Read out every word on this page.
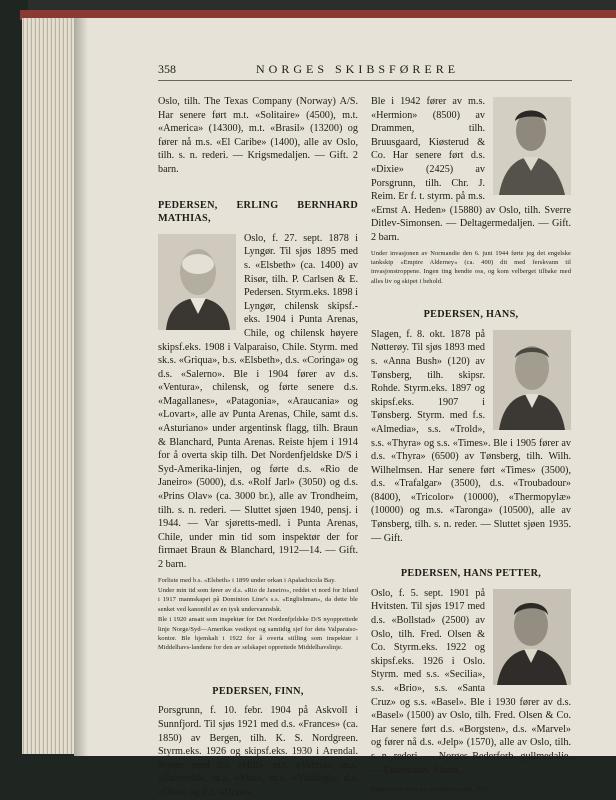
358	NORGES SKIBSFØRERE

Oslo, tilh. The Texas Company (Norway) A/S. Har senere ført m.t. «Solitaire» (4500), m.t. «America» (14300), m.t. «Brasil» (13200) og fører nå m.s. «El Caribe» (1400), alle av Oslo, tilh. s. n. rederi. — Krigsmedaljen. — Gift. 2 barn.

PEDERSEN, ERLING BERNHARD MATHIAS,

Oslo, f. 27. sept. 1878 i Lyngør. Til sjøs 1895 med s. «Elsbeth» (ca. 1400) av Risør, tilh. P. Carlsen & E. Pedersen. Styrm.eks. 1898 i Lyngør, chilensk skipsf.-eks. 1904 i Punta Arenas, Chile, og chilensk høyere skipsf.eks. 1908 i Valparaiso, Chile. Styrm. med sk.s. «Griqua», b.s. «Elsbeth», d.s. «Coringa» og d.s. «Salerno». Ble i 1904 fører av d.s. «Ventura», chilensk, og førte senere d.s. «Magallanes», «Patagonia», «Araucania» og «Lovart», alle av Punta Arenas, Chile, samt d.s. «Asturiano» under argentinsk flagg, tilh. Braun & Blanchard, Punta Arenas. Reiste hjem i 1914 for å overta skip tilh. Det Nordenfjeldske D/S i Syd-Amerika-linjen, og førte d.s. «Rio de Janeiro» (5000), d.s. «Rolf Jarl» (3050) og d.s. «Prins Olav» (ca. 3000 br.), alle av Trondheim, tilh. s. n. rederi. — Sluttet sjøen 1940, pensj. i 1944. — Var sjøretts-medl. i Punta Arenas, Chile, under min tid som inspektør der for firmaet Braun & Blanchard, 1912—14. — Gift. 2 barn.

Forliste med b.s. «Elsbeth» i 1899 under orkan i Apalachicola Bay.

Under min tid som fører av d.s. «Rio de Janeiro», reddet vi nord for Irland i 1917 mannskapet på Dominion Line's s.s. «Englishman», da dette ble senket ved kanonild av en tysk undervannsbåt.

Ble i 1920 ansatt som inspektør for Det Nordenfjeldske D/S nyopprettede linje Norge/Syd—Amerikas vestkyst og samtidig sjef for dets Valparaiso-kontor. Ble hjemkalt i 1922 for å overta stilling som inspektør i Middelhavs-landene for den av selskapet opprettede Middelhavslinje.

PEDERSEN, FINN,

Porsgrunn, f. 10. febr. 1904 på Askvoll i Sunnfjord. Til sjøs 1921 med d.s. «Frances» (ca. 1850) av Bergen, tilh. K. S. Nordgreen. Styrm.eks. 1926 og skipsf.eks. 1930 i Arendal. Styrm. med d.s. «Hill», m.t. «Velma», m.s. «Eidsvold», m.s. «Vito», m.s. «Vildfugl», d.s. «Disa» og d.s. «Dixie».

Ble i 1942 fører av m.s. «Hermion» (8500) av Drammen, tilh. Bruusgaard, Kiøsterud & Co. Har senere ført d.s. «Dixie» (2425) av Porsgrunn, tilh. Chr. J. Reim. Er f. t. styrm. på m.s. «Ernst A. Heden» (15880) av Oslo, tilh. Sverre Ditlev-Simonsen. — Deltagermedaljen. — Gift. 2 barn.

Under invasjonen av Normandie den 6. juni 1944 førte jeg det engelske tankskip «Empire Alderney» (ca. 400) dit med ferskvann til invasjonstroppene. Ingen ting hendte oss, og kom velberget tilbake med alles liv og skipet i behold.
PEDERSEN, HANS,

Slagen, f. 8. okt. 1878 på Nøtterøy. Til sjøs 1893 med s. «Anna Bush» (120) av Tønsberg, tilh. skipsr. Rohde. Styrm.eks. 1897 og skipsf.eks. 1907 i Tønsberg. Styrm. med f.s. «Almedia», s.s. «Trold», s.s. «Thyra» og s.s. «Times». Ble i 1905 fører av d.s. «Thyra» (6500) av Tønsberg, tilh. Wilh. Wilhelmsen. Har senere ført «Times» (3500), d.s. «Trafalgar» (3500), d.s. «Troubadour» (8400), «Tricolor» (10000), «Thermopylæ» (10000) og m.s. «Taronga» (10500), alle av Tønsberg, tilh. s. n. reder. — Sluttet sjøen 1935. — Gift.

PEDERSEN, HANS PETTER,

Oslo, f. 5. sept. 1901 på Hvitsten. Til sjøs 1917 med d.s. «Bollstad» (2500) av Oslo, tilh. Fred. Olsen & Co. Styrm.eks. 1922 og skipsf.eks. 1926 i Oslo. Styrm. med s.s. «Secilia», s.s. «Brio», s.s. «Santa Cruz» og s.s. «Basel». Ble i 1930 fører av d.s. «Basel» (1500) av Oslo, tilh. Fred. Olsen & Co. Har senere ført d.s. «Borgsten», d.s. «Marvel» og fører nå d.s. «Jelp» (1570), alle av Oslo, tilh. s. n. rederi. — Norges Rederforb. gullmedalje. — Enkemann. 3 barn.

Krigsforliste med s.s. «Bollstad» i des. 1917.
